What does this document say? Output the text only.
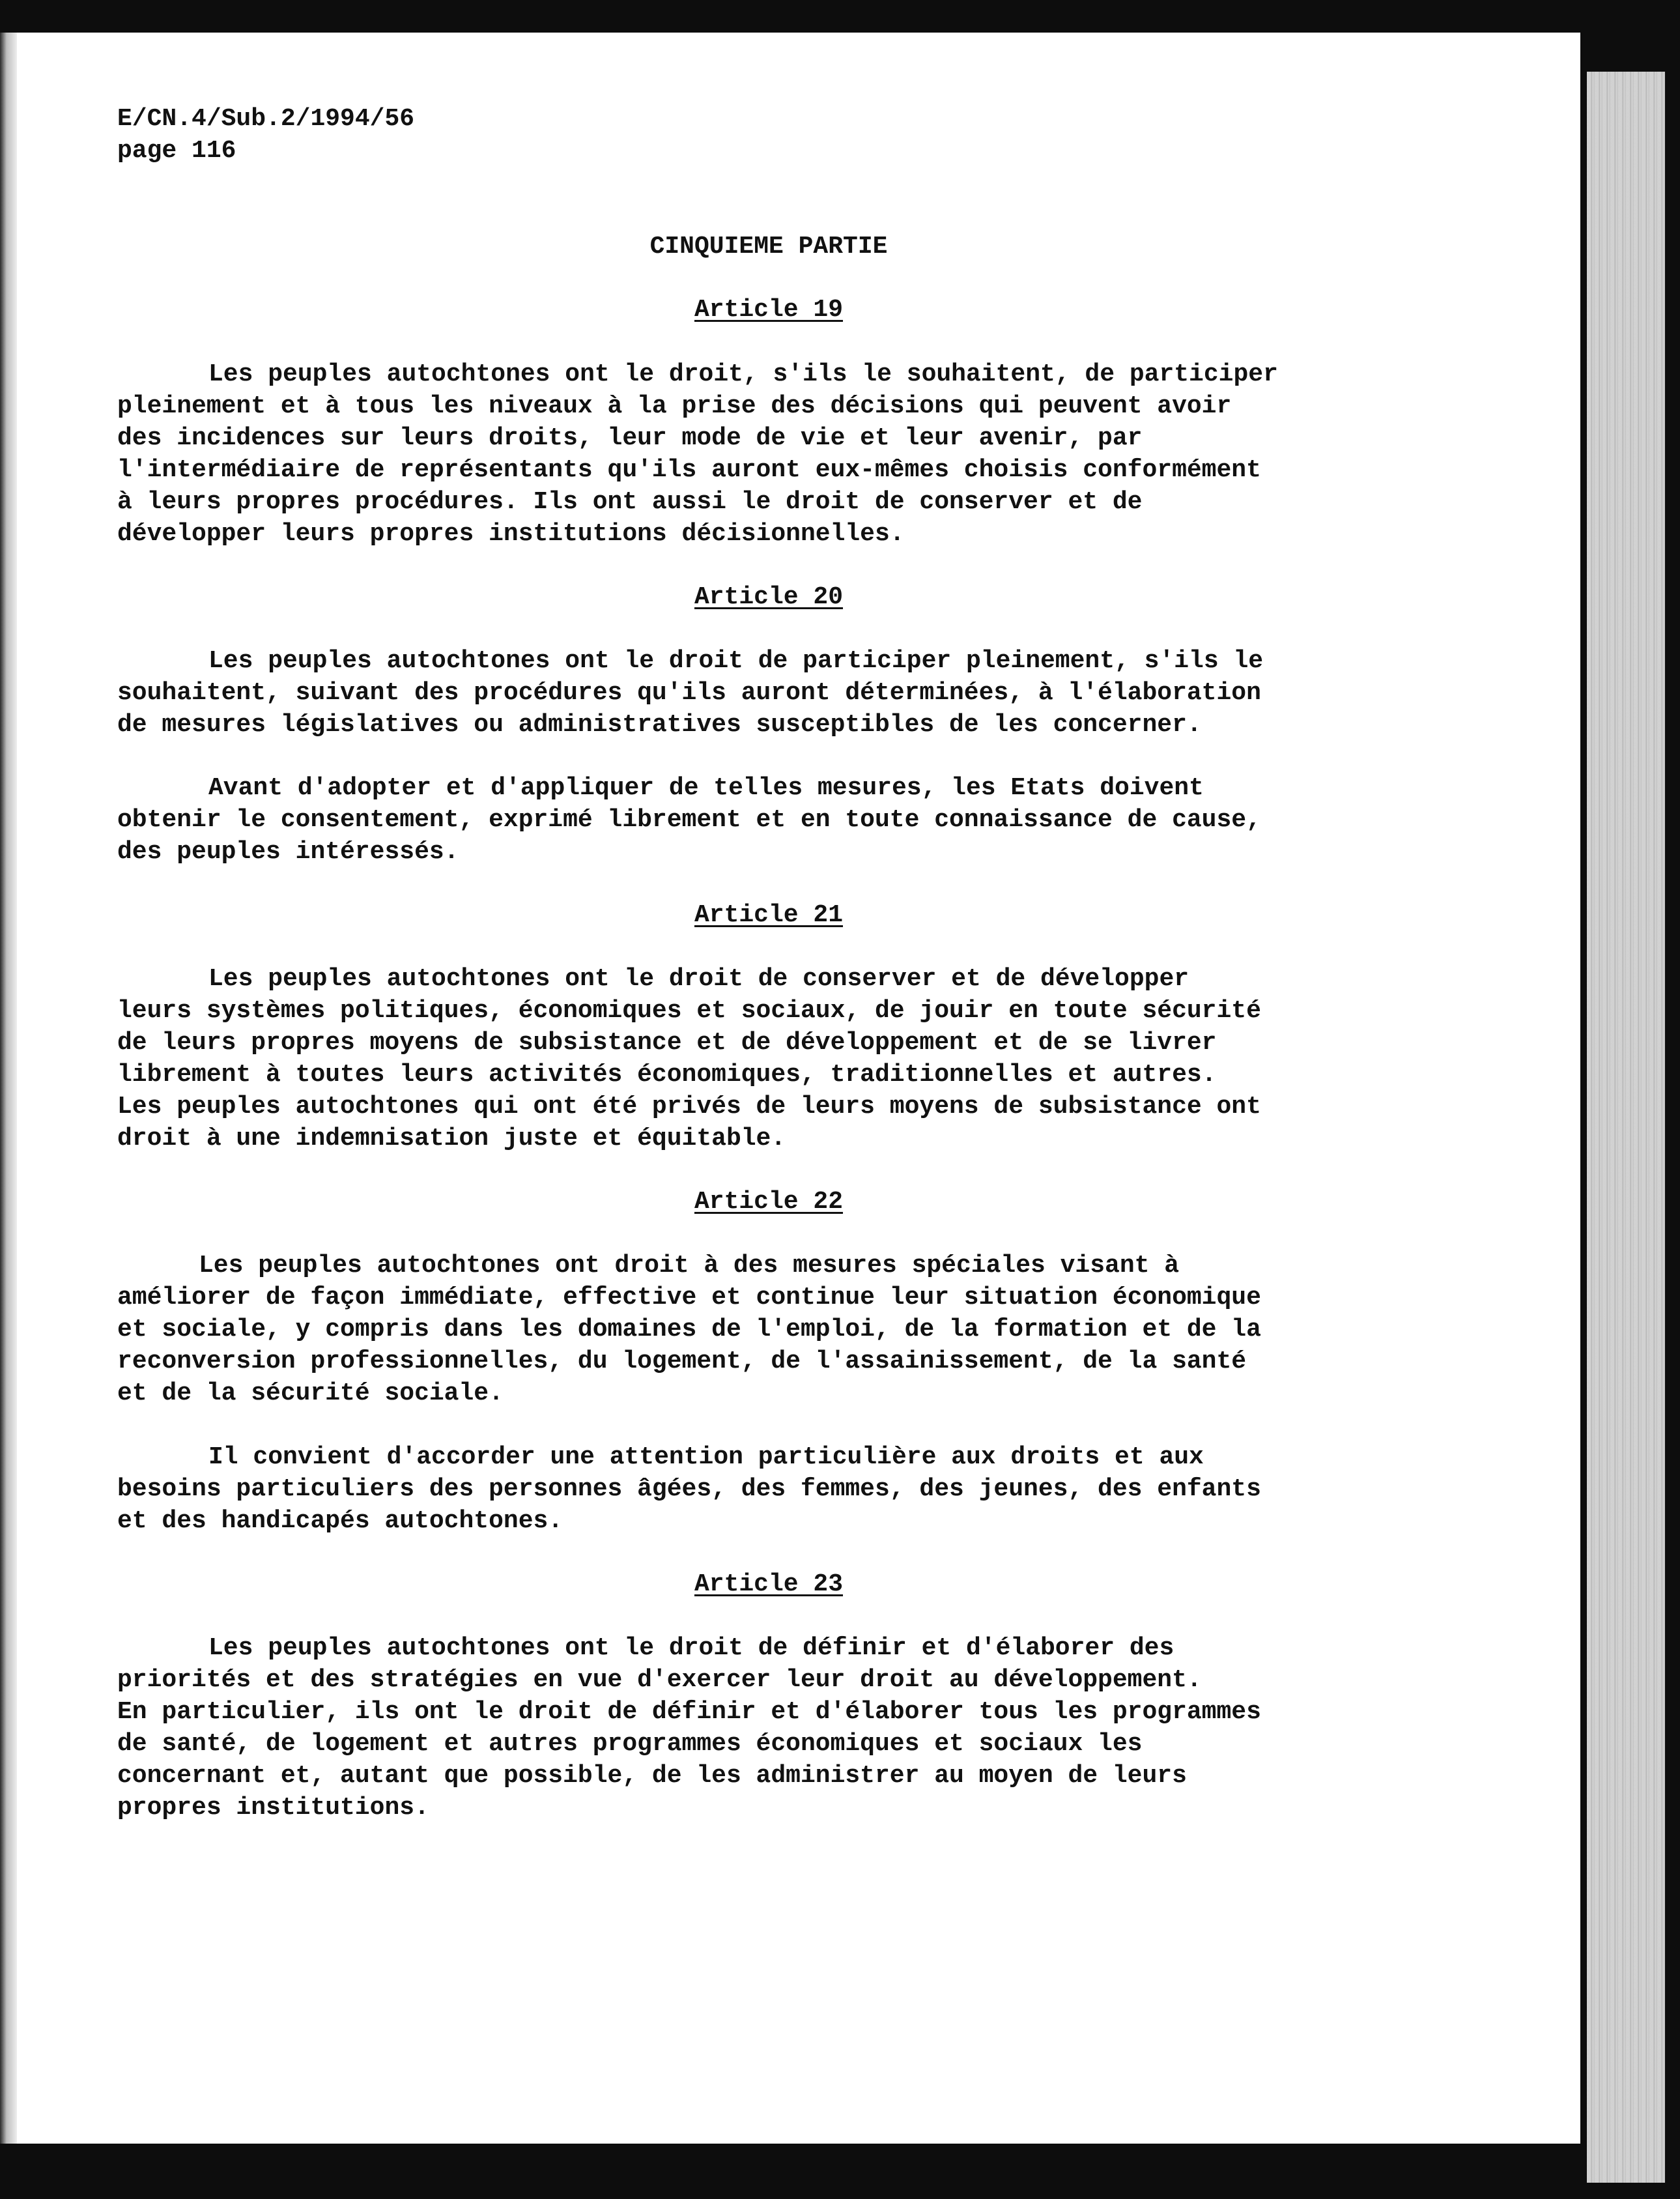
E/CN.4/Sub.2/1994/56

page 116

CINQUIEME PARTIE

Article 19

Les peuples autochtones ont le droit, s'ils le souhaitent, de participer

pleinement et à tous les niveaux à la prise des décisions qui peuvent avoir

des incidences sur leurs droits, leur mode de vie et leur avenir, par

l'intermédiaire de représentants qu'ils auront eux-mêmes choisis conformément

à leurs propres procédures. Ils ont aussi le droit de conserver et de

développer leurs propres institutions décisionnelles.

Article 20

Les peuples autochtones ont le droit de participer pleinement, s'ils le

souhaitent, suivant des procédures qu'ils auront déterminées, à l'élaboration

de mesures législatives ou administratives susceptibles de les concerner.

Avant d'adopter et d'appliquer de telles mesures, les Etats doivent

obtenir le consentement, exprimé librement et en toute connaissance de cause,

des peuples intéressés.

Article 21

Les peuples autochtones ont le droit de conserver et de développer

leurs systèmes politiques, économiques et sociaux, de jouir en toute sécurité

de leurs propres moyens de subsistance et de développement et de se livrer

librement à toutes leurs activités économiques, traditionnelles et autres.

Les peuples autochtones qui ont été privés de leurs moyens de subsistance ont

droit à une indemnisation juste et équitable.

Article 22

Les peuples autochtones ont droit à des mesures spéciales visant à

améliorer de façon immédiate, effective et continue leur situation économique

et sociale, y compris dans les domaines de l'emploi, de la formation et de la

reconversion professionnelles, du logement, de l'assainissement, de la santé

et de la sécurité sociale.

Il convient d'accorder une attention particulière aux droits et aux

besoins particuliers des personnes âgées, des femmes, des jeunes, des enfants

et des handicapés autochtones.

Article 23

Les peuples autochtones ont le droit de définir et d'élaborer des

priorités et des stratégies en vue d'exercer leur droit au développement.

En particulier, ils ont le droit de définir et d'élaborer tous les programmes

de santé, de logement et autres programmes économiques et sociaux les

concernant et, autant que possible, de les administrer au moyen de leurs

propres institutions.
